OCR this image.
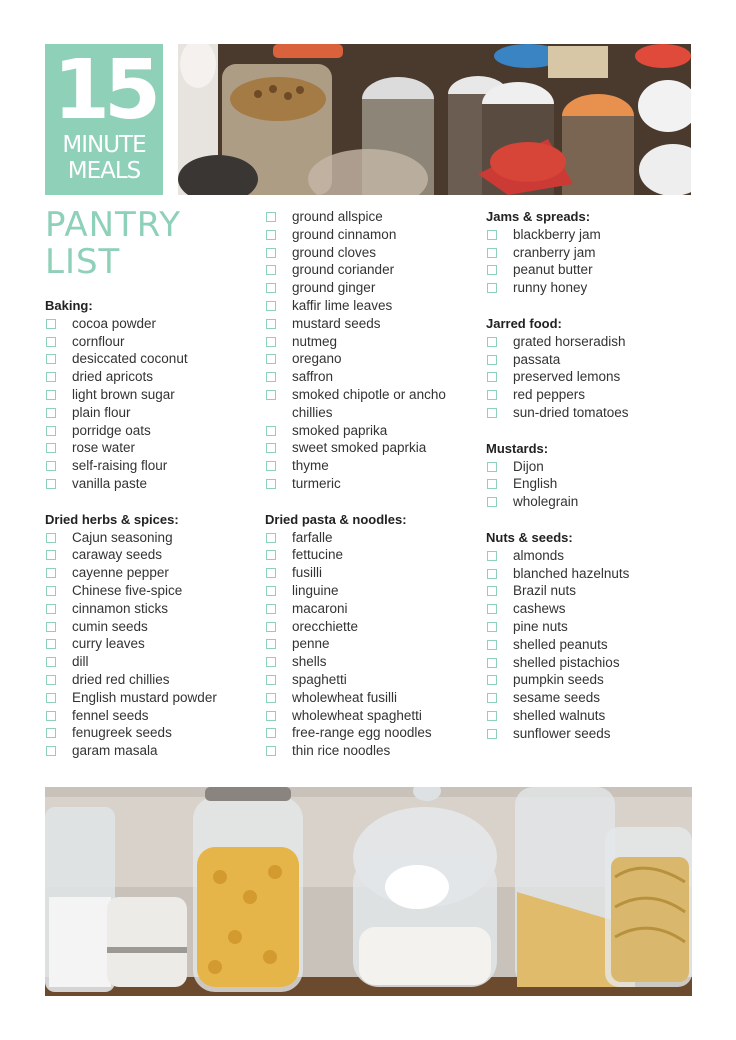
15
MINUTE
MEALS
PANTRY
LIST
Baking:
cocoa powder
cornflour
desiccated coconut
dried apricots
light brown sugar
plain flour
porridge oats
rose water
self-raising flour
vanilla paste
Dried herbs & spices:
Cajun seasoning
caraway seeds
cayenne pepper
Chinese five-spice
cinnamon sticks
cumin seeds
curry leaves
dill
dried red chillies
English mustard powder
fennel seeds
fenugreek seeds
garam masala
ground allspice
ground cinnamon
ground cloves
ground coriander
ground ginger
kaffir lime leaves
mustard seeds
nutmeg
oregano
saffron
smoked chipotle or ancho chillies
smoked paprika
sweet smoked paprkia
thyme
turmeric
Dried pasta & noodles:
farfalle
fettucine
fusilli
linguine
macaroni
orecchiette
penne
shells
spaghetti
wholewheat fusilli
wholewheat spaghetti
free-range egg noodles
thin rice noodles
Jams & spreads:
blackberry jam
cranberry jam
peanut butter
runny honey
Jarred food:
grated horseradish
passata
preserved lemons
red peppers
sun-dried tomatoes
Mustards:
Dijon
English
wholegrain
Nuts & seeds:
almonds
blanched hazelnuts
Brazil nuts
cashews
pine nuts
shelled peanuts
shelled pistachios
pumpkin seeds
sesame seeds
shelled walnuts
sunflower seeds
